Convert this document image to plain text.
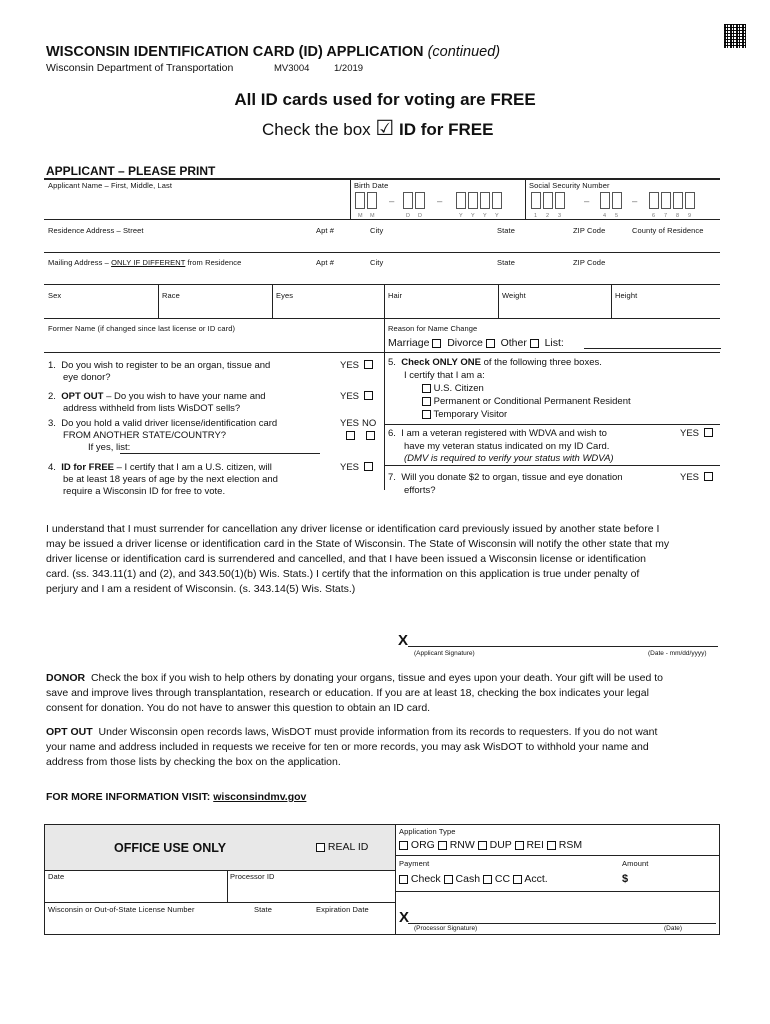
WISCONSIN IDENTIFICATION CARD (ID) APPLICATION (continued)
Wisconsin Department of Transportation	MV3004	1/2019
All ID cards used for voting are FREE
Check the box ☑ ID for FREE
APPLICANT – PLEASE PRINT
Applicant Name – First, Middle, Last	Birth Date	Social Security Number
–	–
M M	D D	Y Y Y Y
–	–
1 2 3	4 5	6 7 8 9
Residence Address – Street	Apt #	City	State	ZIP Code	County of Residence
Mailing Address – ONLY IF DIFFERENT from Residence	Apt #	City	State	ZIP Code
Sex	Race	Eyes	Hair	Weight	Height
Former Name (if changed since last license or ID card)	Reason for Name Change
Marriage Divorce Other List:
1. Do you wish to register to be an organ, tissue and
eye donor?
YES
2. OPT OUT – Do you wish to have your name and
address withheld from lists WisDOT sells?
YES
3. Do you hold a valid driver license/identification card
FROM ANOTHER STATE/COUNTRY?
If yes, list:
YES NO
4. ID for FREE – I certify that I am a U.S. citizen, will
be at least 18 years of age by the next election and
require a Wisconsin ID for free to vote.
YES
5. Check ONLY ONE of the following three boxes.
I certify that I am a:
U.S. Citizen
Permanent or Conditional Permanent Resident
Temporary Visitor
6. I am a veteran registered with WDVA and wish to
have my veteran status indicated on my ID Card.
(DMV is required to verify your status with WDVA)
YES
7. Will you donate $2 to organ, tissue and eye donation
efforts?
YES
I understand that I must surrender for cancellation any driver license or identification card previously issued by another state before I
may be issued a driver license or identification card in the State of Wisconsin. The State of Wisconsin will notify the other state that my
driver license or identification card is surrendered and cancelled, and that I have been issued a Wisconsin license or identification
card. (ss. 343.11(1) and (2), and 343.50(1)(b) Wis. Stats.) I certify that the information on this application is true under penalty of
perjury and I am a resident of Wisconsin. (s. 343.14(5) Wis. Stats.)
X
(Applicant Signature)	(Date - mm/dd/yyyy)
DONOR Check the box if you wish to help others by donating your organs, tissue and eyes upon your death. Your gift will be used to
save and improve lives through transplantation, research or education. If you are at least 18, checking the box indicates your legal
consent for donation. You do not have to answer this question to obtain an ID card.
OPT OUT Under Wisconsin open records laws, WisDOT must provide information from its records to requesters. If you do not want
your name and address included in requests we receive for ten or more records, you may ask WisDOT to withhold your name and
address from those lists by checking the box on the application.
FOR MORE INFORMATION VISIT: wisconsindmv.gov
OFFICE USE ONLY	REAL ID
Date	Processor ID
Wisconsin or Out-of-State License Number	State	Expiration Date
Application Type
ORG RNW DUP REI RSM
Payment	Amount
Check Cash CC Acct.	$
X
(Processor Signature)	(Date)
